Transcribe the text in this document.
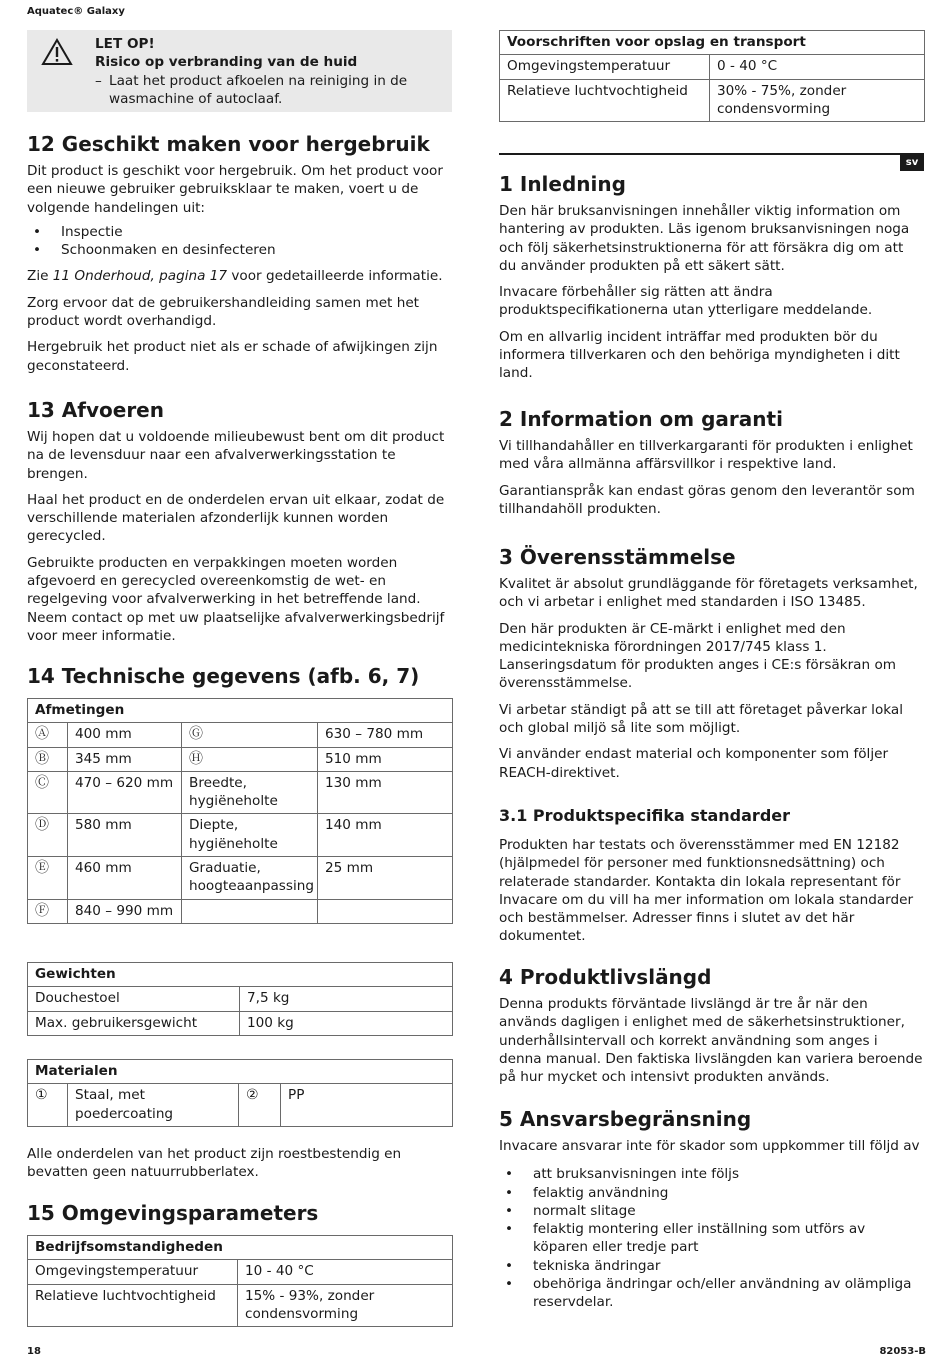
Aquatec® Galaxy
18	82053-B
LET OP!
Risico op verbranding van de huid
– Laat het product afkoelen na reiniging in de
wasmachine of autoclaaf.
12 Geschikt maken voor hergebruik

Dit product is geschikt voor hergebruik. Om het product voor een nieuwe gebruiker gebruiksklaar te maken, voert u de volgende handelingen uit:

• Inspectie
• Schoonmaken en desinfecteren

Zie 11 Onderhoud, pagina 17 voor gedetailleerde informatie.

Zorg ervoor dat de gebruikershandleiding samen met het product wordt overhandigd.

Hergebruik het product niet als er schade of afwijkingen zijn geconstateerd.

13 Afvoeren

Wij hopen dat u voldoende milieubewust bent om dit product na de levensduur naar een afvalverwerkingsstation te brengen.

Haal het product en de onderdelen ervan uit elkaar, zodat de verschillende materialen afzonderlijk kunnen worden gerecycled.

Gebruikte producten en verpakkingen moeten worden afgevoerd en gerecycled overeenkomstig de wet- en regelgeving voor afvalverwerking in het betreffende land. Neem contact op met uw plaatselijke afvalverwerkingsbedrijf voor meer informatie.

14 Technische gegevens (afb. 6, 7)
Afmetingen			
Ⓐ	400 mm	Ⓖ	630 – 780 mm
Ⓑ	345 mm	Ⓗ	510 mm
Ⓒ	470 – 620 mm	Breedte, hygiëneholte	130 mm
Ⓓ	580 mm	Diepte, hygiëneholte	140 mm
Ⓔ	460 mm	Graduatie, hoogteaanpassing	25 mm
Ⓕ	840 – 990 mm		
Gewichten	
Douchestoel	7,5 kg
Max. gebruikersgewicht	100 kg
Materialen
①	Staal, met poedercoating	②	PP

Alle onderdelen van het product zijn roestbestendig en bevatten geen natuurrubberlatex.

15 Omgevingsparameters
Bedrijfsomstandigheden	
Omgevingstemperatuur	10 - 40 °C
Relatieve luchtvochtigheid	15% - 93%, zonder condensvorming
Voorschriften voor opslag en transport	
Omgevingstemperatuur	0 - 40 °C
Relatieve luchtvochtigheid	30% - 75%, zonder condensvorming
sv
1 Inledning

Den här bruksanvisningen innehåller viktig information om hantering av produkten. Läs igenom bruksanvisningen noga och följ säkerhetsinstruktionerna för att försäkra dig om att du använder produkten på ett säkert sätt.

Invacare förbehåller sig rätten att ändra produktspecifikationerna utan ytterligare meddelande.

Om en allvarlig incident inträffar med produkten bör du informera tillverkaren och den behöriga myndigheten i ditt land.

2 Information om garanti

Vi tillhandahåller en tillverkargaranti för produkten i enlighet med våra allmänna affärsvillkor i respektive land.

Garantianspråk kan endast göras genom den leverantör som tillhandahöll produkten.

3 Överensstämmelse

Kvalitet är absolut grundläggande för företagets verksamhet, och vi arbetar i enlighet med standarden i ISO 13485.

Den här produkten är CE-märkt i enlighet med den medicintekniska förordningen 2017/745 klass 1. Lanseringsdatum för produkten anges i CE:s försäkran om överensstämmelse.

Vi arbetar ständigt på att se till att företaget påverkar lokal och global miljö så lite som möjligt.

Vi använder endast material och komponenter som följer REACH-direktivet.

3.1 Produktspecifika standarder

Produkten har testats och överensstämmer med EN 12182 (hjälpmedel för personer med funktionsnedsättning) och relaterade standarder. Kontakta din lokala representant för Invacare om du vill ha mer information om lokala standarder och bestämmelser. Adresser finns i slutet av det här dokumentet.

4 Produktlivslängd

Denna produkts förväntade livslängd är tre år när den används dagligen i enlighet med de säkerhetsinstruktioner, underhållsintervall och korrekt användning som anges i denna manual. Den faktiska livslängden kan variera beroende på hur mycket och intensivt produkten används.

5 Ansvarsbegränsning

Invacare ansvarar inte för skador som uppkommer till följd av

• att bruksanvisningen inte följs
• felaktig användning
• normalt slitage
• felaktig montering eller inställning som utförs av köparen eller tredje part
• tekniska ändringar
• obehöriga ändringar och/eller användning av olämpliga reservdelar.
